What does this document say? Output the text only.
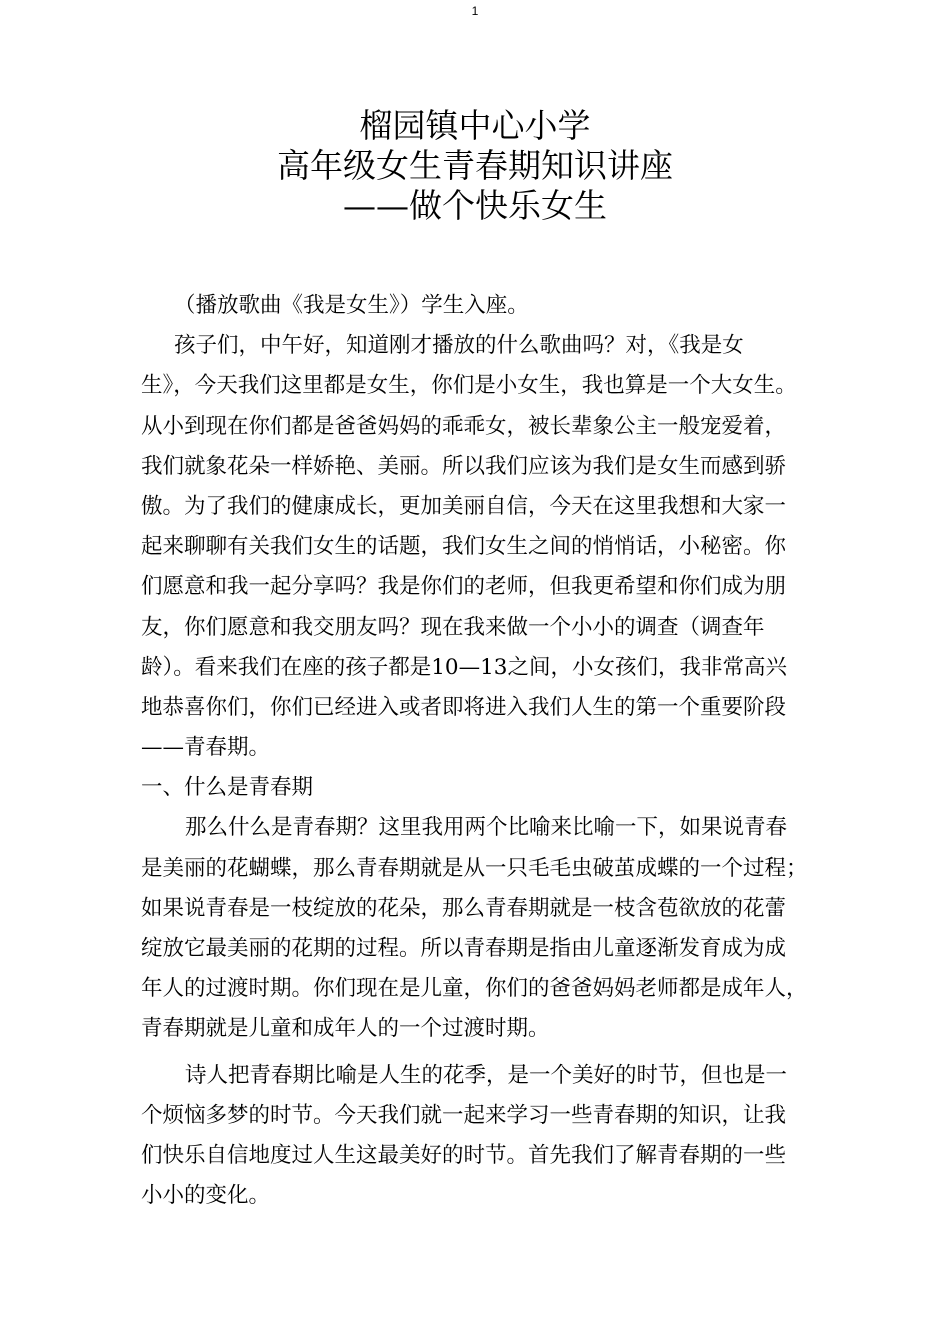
1
榴园镇中心小学
高年级女生青春期知识讲座
——做个快乐女生
（播放歌曲《我是女生》）学生入座。
孩子们，中午好，知道刚才播放的什么歌曲吗？对，《我是女
生》，今天我们这里都是女生，你们是小女生，我也算是一个大女生。
从小到现在你们都是爸爸妈妈的乖乖女，被长辈象公主一般宠爱着，
我们就象花朵一样娇艳、美丽。所以我们应该为我们是女生而感到骄
傲。为了我们的健康成长，更加美丽自信，今天在这里我想和大家一
起来聊聊有关我们女生的话题，我们女生之间的悄悄话，小秘密。你
们愿意和我一起分享吗？我是你们的老师，但我更希望和你们成为朋
友，你们愿意和我交朋友吗？现在我来做一个小小的调查（调查年
龄）。看来我们在座的孩子都是10—13之间，小女孩们，我非常高兴
地恭喜你们，你们已经进入或者即将进入我们人生的第一个重要阶段
——青春期。
一、什么是青春期
那么什么是青春期？这里我用两个比喻来比喻一下，如果说青春
是美丽的花蝴蝶，那么青春期就是从一只毛毛虫破茧成蝶的一个过程；
如果说青春是一枝绽放的花朵，那么青春期就是一枝含苞欲放的花蕾
绽放它最美丽的花期的过程。所以青春期是指由儿童逐渐发育成为成
年人的过渡时期。你们现在是儿童，你们的爸爸妈妈老师都是成年人，
青春期就是儿童和成年人的一个过渡时期。
诗人把青春期比喻是人生的花季，是一个美好的时节，但也是一
个烦恼多梦的时节。今天我们就一起来学习一些青春期的知识，让我
们快乐自信地度过人生这最美好的时节。首先我们了解青春期的一些
小小的变化。
